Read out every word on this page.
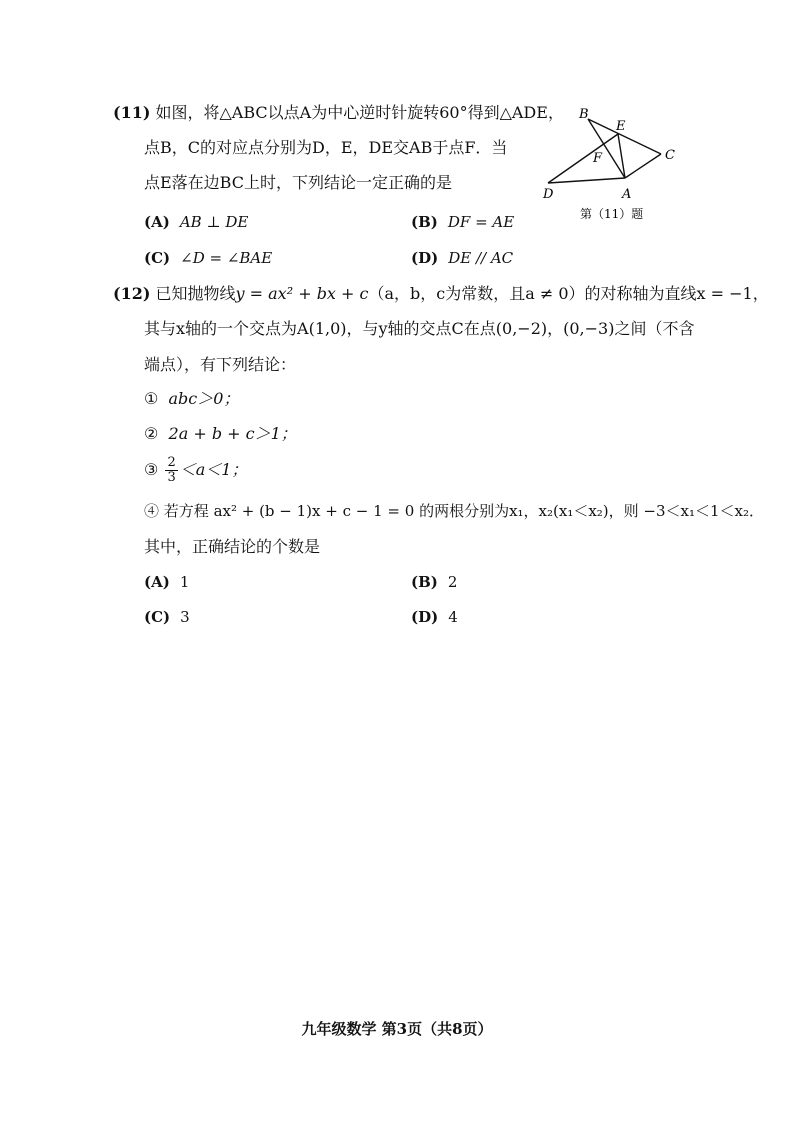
(11) 如图，将△ABC以点A为中心逆时针旋转60°得到△ADE，
点B，C的对应点分别为D，E，DE交AB于点F．当
点E落在边BC上时，下列结论一定正确的是
(A) AB ⊥ DE	(B) DF = AE
(C) ∠D = ∠BAE	(D) DE // AC
B
E
C
F
D	A
第（11）题
(12) 已知抛物线y = ax² + bx + c（a，b，c为常数，且a ≠ 0）的对称轴为直线x = −1，
其与x轴的一个交点为A(1,0)，与y轴的交点C在点(0,−2)，(0,−3)之间（不含
端点），有下列结论：
① abc＞0；
② 2a + b + c＞1；
③ $\frac{2}{3} <a<1$；
④ 若方程 ax² + (b − 1)x + c − 1 = 0 的两根分别为x₁，x₂(x₁＜x₂)，则 −3＜x₁＜1＜x₂．
其中，正确结论的个数是
(A) 1	(B) 2
(C) 3	(D) 4
九年级数学 第3页（共8页）
